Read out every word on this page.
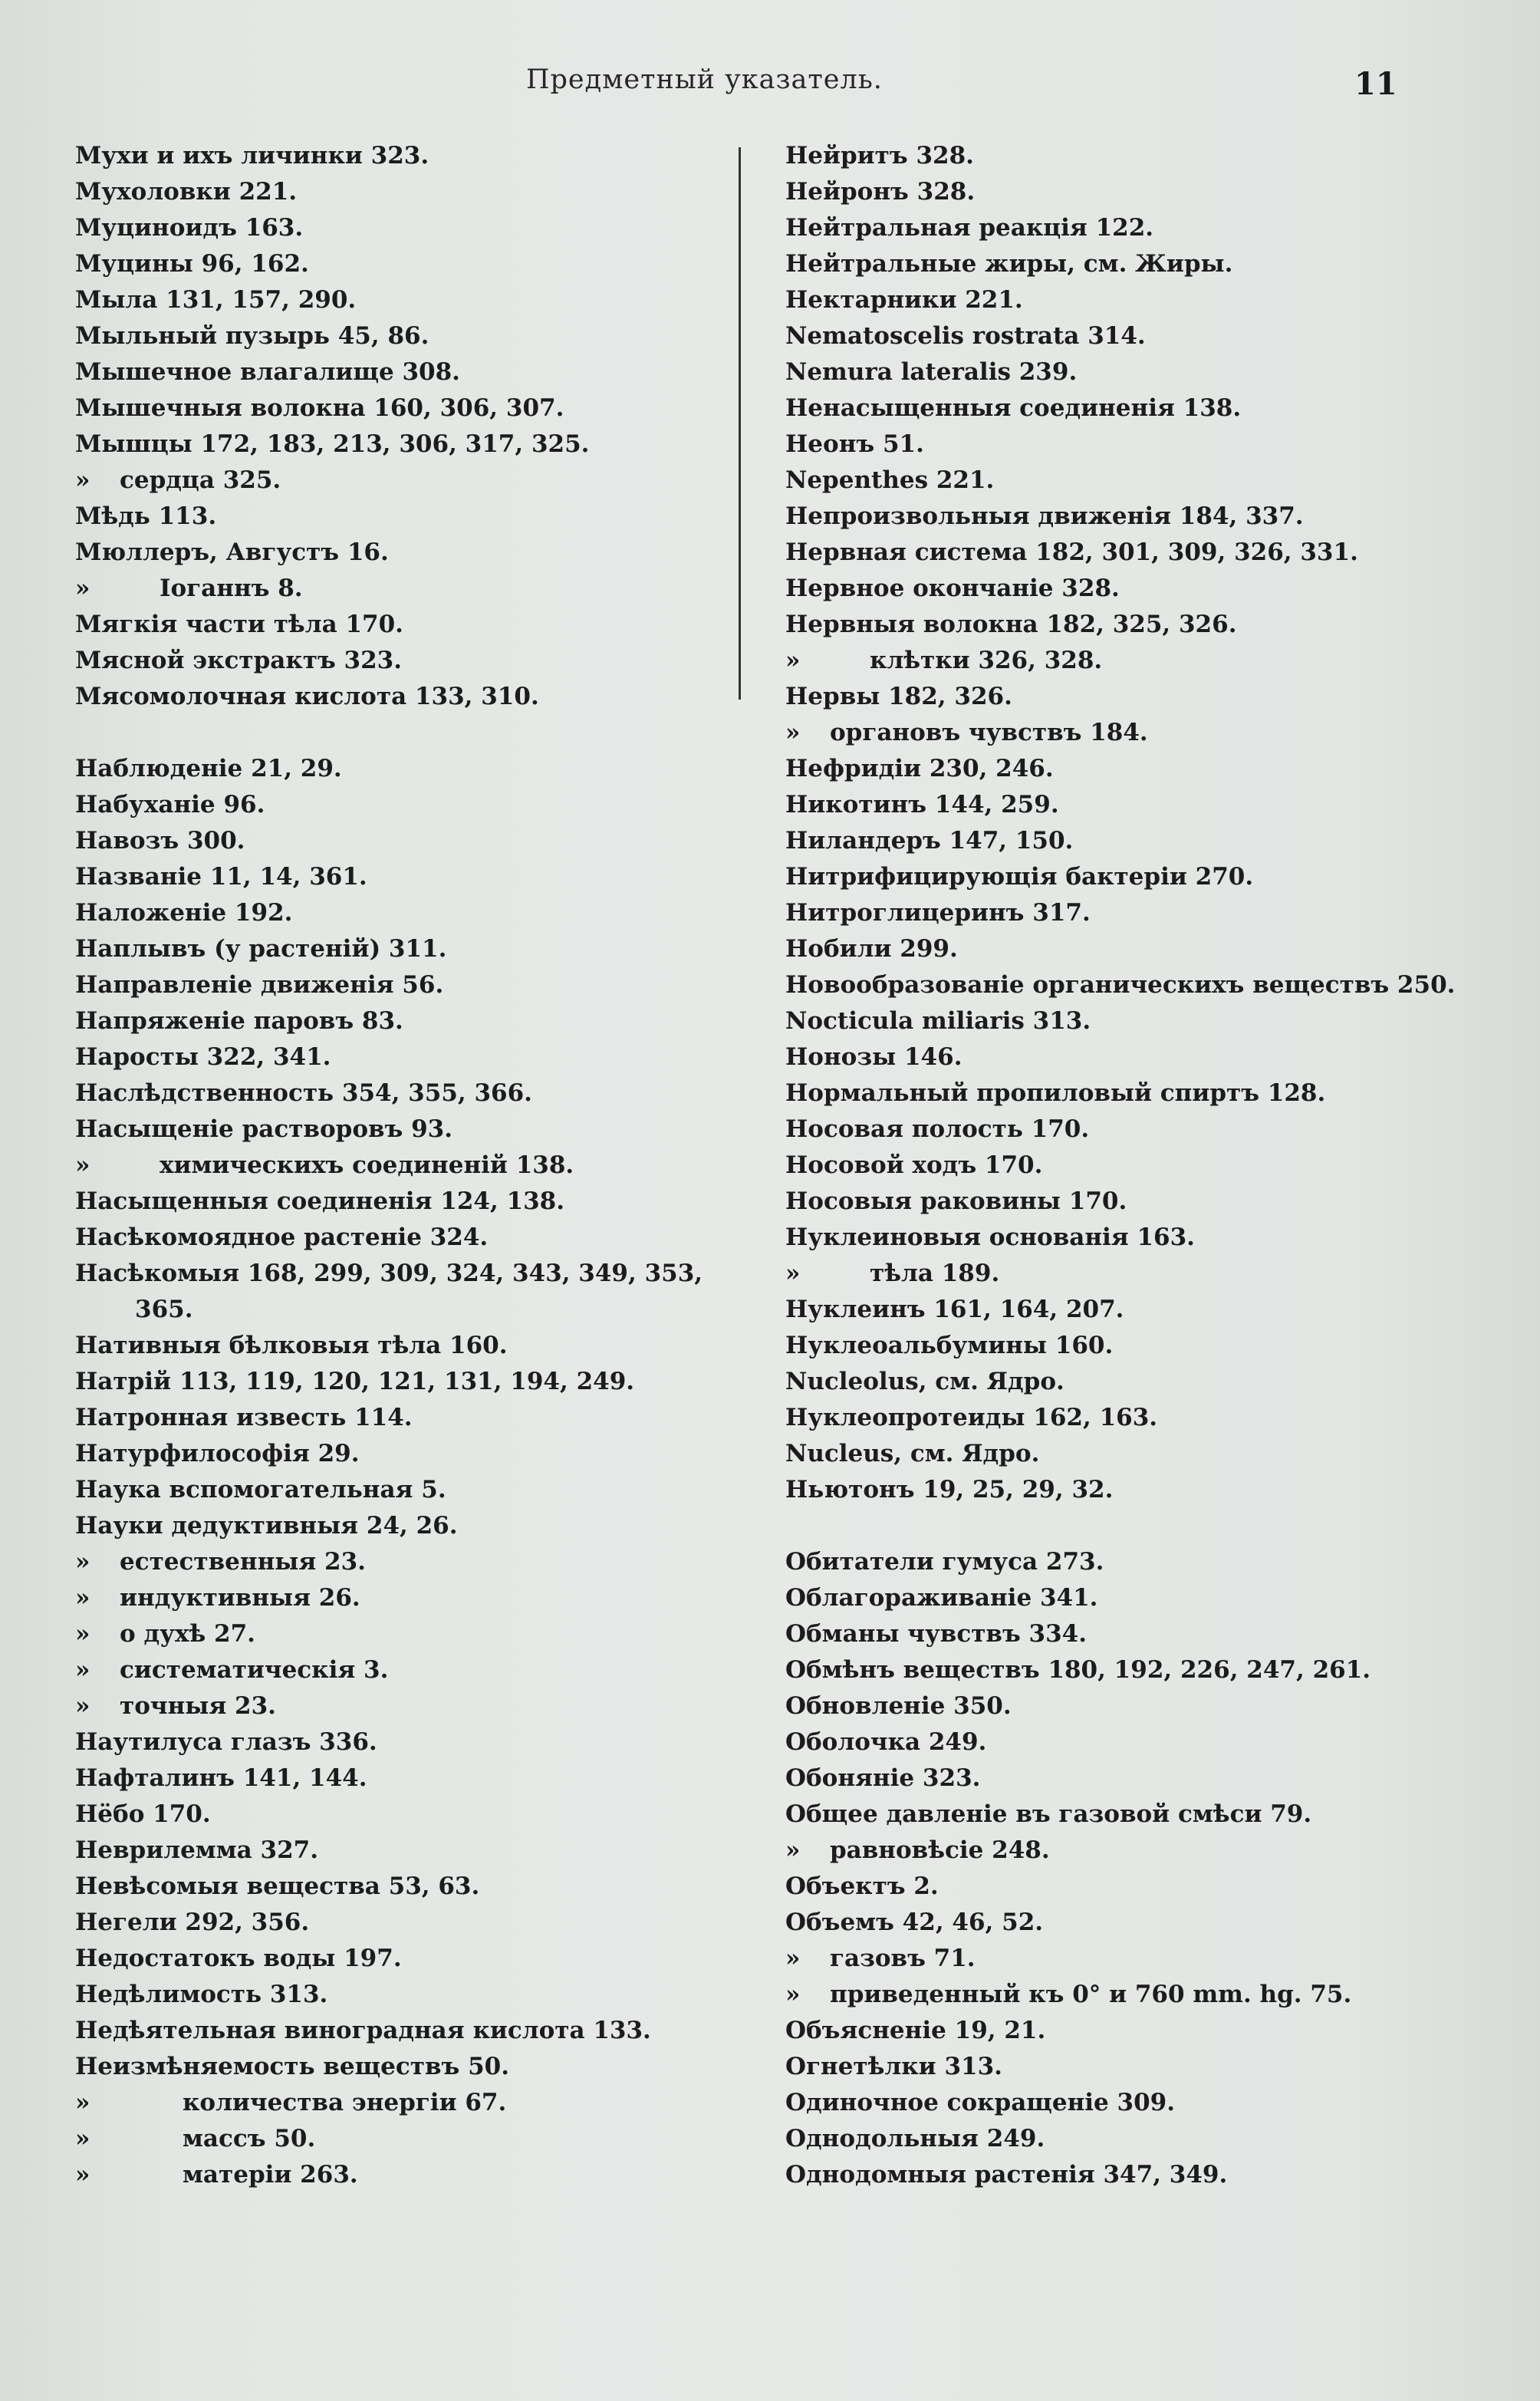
Предметный указатель.	11
Мухи и ихъ личинки 323.
Мухоловки 221.
Муциноидъ 163.
Муцины 96, 162.
Мыла 131, 157, 290.
Мыльный пузырь 45, 86.
Мышечное влагалище 308.
Мышечныя волокна 160, 306, 307.
Мышцы 172, 183, 213, 306, 317, 325.
»	сердца 325.
Мѣдь 113.
Мюллеръ, Августъ 16.
»	Іоганнъ 8.
Мягкія части тѣла 170.
Мясной экстрактъ 323.
Мясомолочная кислота 133, 310.
Наблюденіе 21, 29.
Набуханіе 96.
Навозъ 300.
Названіе 11, 14, 361.
Наложеніе 192.
Наплывъ (у растеній) 311.
Направленіе движенія 56.
Напряженіе паровъ 83.
Наросты 322, 341.
Наслѣдственность 354, 355, 366.
Насыщеніе растворовъ 93.
»	химическихъ соединеній 138.
Насыщенныя соединенія 124, 138.
Насѣкомоядное растеніе 324.
Насѣкомыя 168, 299, 309, 324, 343, 349, 353,
365.
Нативныя бѣлковыя тѣла 160.
Натрій 113, 119, 120, 121, 131, 194, 249.
Натронная известь 114.
Натурфилософія 29.
Наука вспомогательная 5.
Науки дедуктивныя 24, 26.
»	естественныя 23.
»	индуктивныя 26.
»	о духѣ 27.
»	систематическія 3.
»	точныя 23.
Наутилуса глазъ 336.
Нафталинъ 141, 144.
Нёбо 170.
Неврилемма 327.
Невѣсомыя вещества 53, 63.
Негели 292, 356.
Недостатокъ воды 197.
Недѣлимость 313.
Недѣятельная виноградная кислота 133.
Неизмѣняемость веществъ 50.
»	количества энергіи 67.
»	массъ 50.
»	матеріи 263.
Нейритъ 328.
Нейронъ 328.
Нейтральная реакція 122.
Нейтральные жиры, см. Жиры.
Нектарники 221.
Nematoscelis rostrata 314.
Nemura lateralis 239.
Ненасыщенныя соединенія 138.
Неонъ 51.
Nepenthes 221.
Непроизвольныя движенія 184, 337.
Нервная система 182, 301, 309, 326, 331.
Нервное окончаніе 328.
Нервныя волокна 182, 325, 326.
»	клѣтки 326, 328.
Нервы 182, 326.
»	органовъ чувствъ 184.
Нефридіи 230, 246.
Никотинъ 144, 259.
Ниландеръ 147, 150.
Нитрифицирующія бактеріи 270.
Нитроглицеринъ 317.
Нобили 299.
Новообразованіе органическихъ веществъ 250.
Nocticula miliaris 313.
Нонозы 146.
Нормальный пропиловый спиртъ 128.
Носовая полость 170.
Носовой ходъ 170.
Носовыя раковины 170.
Нуклеиновыя основанія 163.
»	тѣла 189.
Нуклеинъ 161, 164, 207.
Нуклеоальбумины 160.
Nucleolus, см. Ядро.
Нуклеопротеиды 162, 163.
Nucleus, см. Ядро.
Ньютонъ 19, 25, 29, 32.
Обитатели гумуса 273.
Облагораживаніе 341.
Обманы чувствъ 334.
Обмѣнъ веществъ 180, 192, 226, 247, 261.
Обновленіе 350.
Оболочка 249.
Обоняніе 323.
Общее давленіе въ газовой смѣси 79.
»	равновѣсіе 248.
Объектъ 2.
Объемъ 42, 46, 52.
»	газовъ 71.
»	приведенный къ 0° и 760 mm. hg. 75.
Объясненіе 19, 21.
Огнетѣлки 313.
Одиночное сокращеніе 309.
Однодольныя 249.
Однодомныя растенія 347, 349.
